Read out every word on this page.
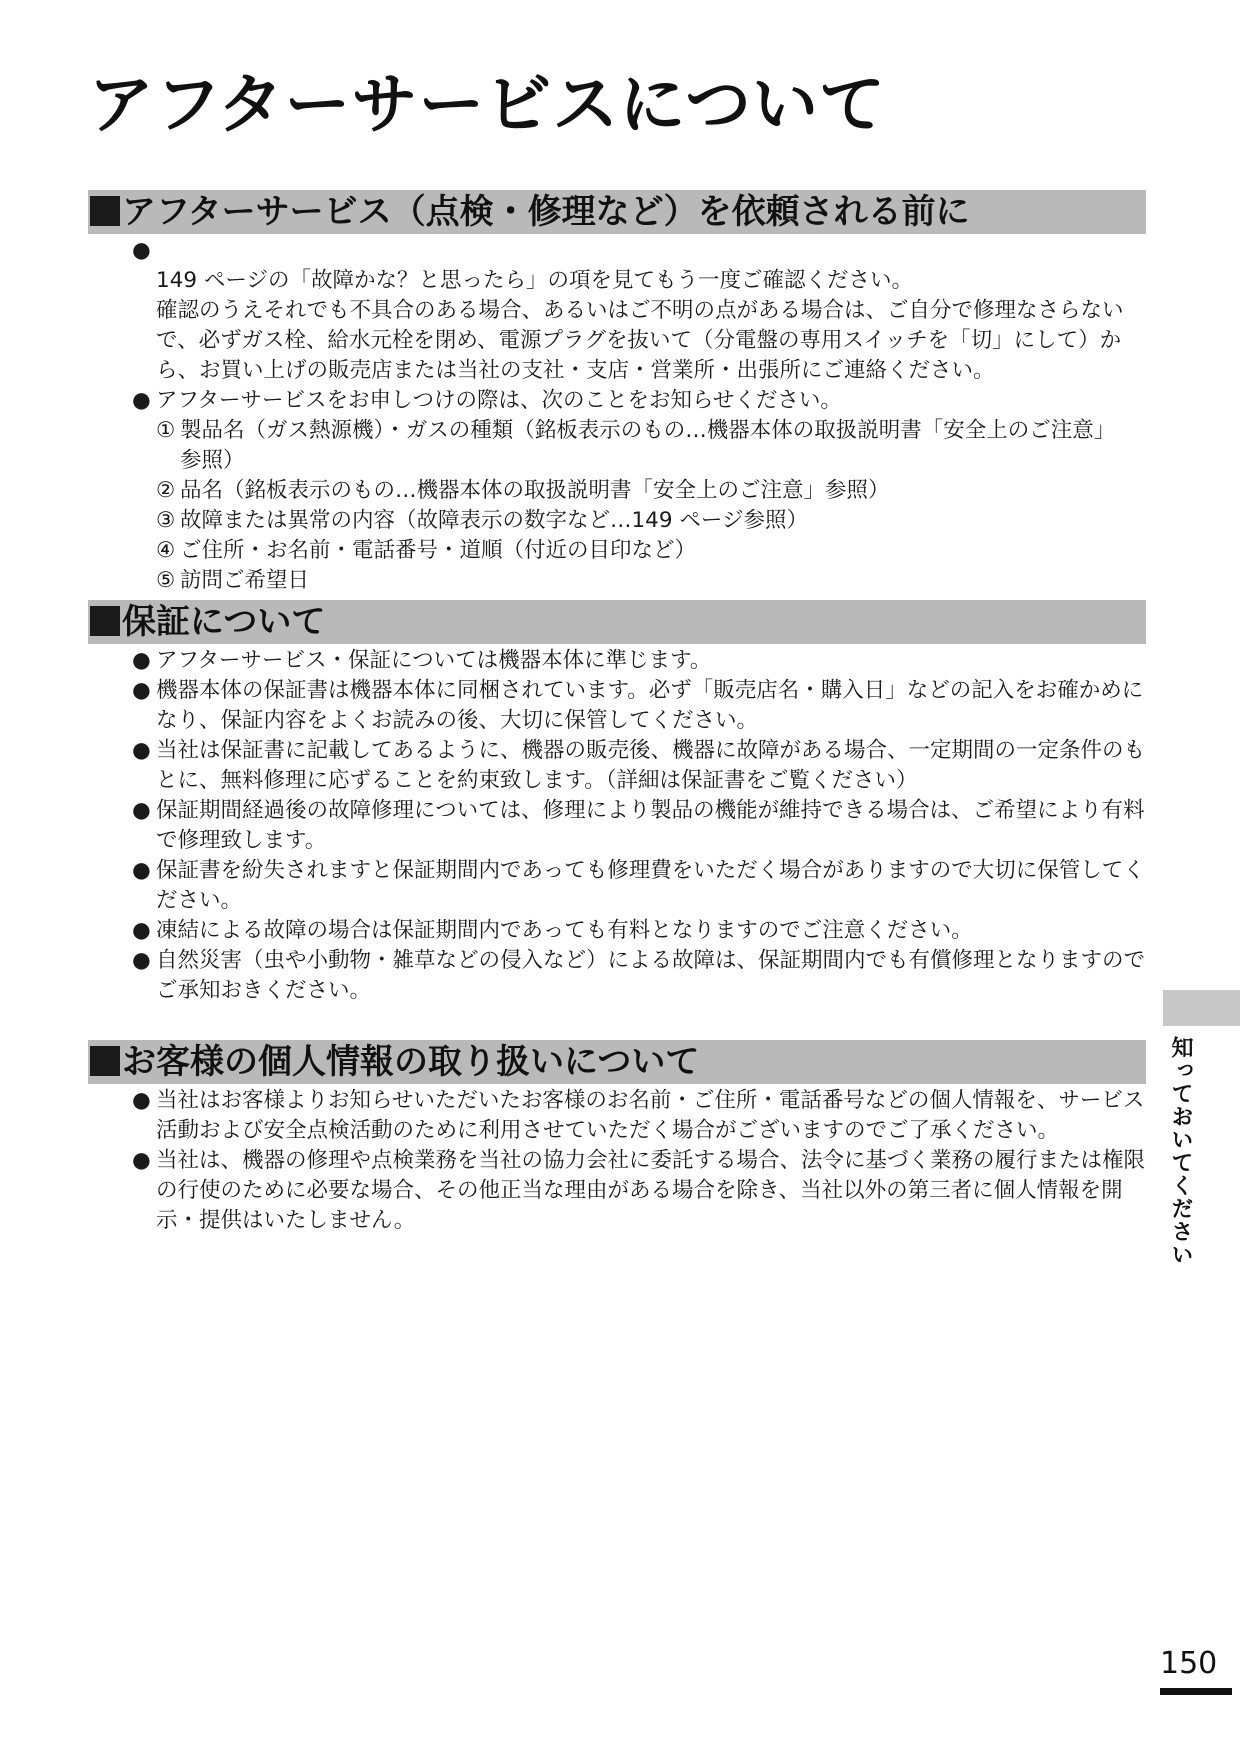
アフターサービスについて
アフターサービス（点検・修理など）を依頼される前に

●
149 ページの「故障かな？と思ったら」の項を見てもう一度ご確認ください。
確認のうえそれでも不具合のある場合、あるいはご不明の点がある場合は、ご自分で修理なさらないで、必ずガス栓、給水元栓を閉め、電源プラグを抜いて（分電盤の専用スイッチを「切」にして）から、お買い上げの販売店または当社の支社・支店・営業所・出張所にご連絡ください。

● アフターサービスをお申しつけの際は、次のことをお知らせください。
① 製品名（ガス熱源機）・ガスの種類（銘板表示のもの…機器本体の取扱説明書「安全上のご注意」
参照）
② 品名（銘板表示のもの…機器本体の取扱説明書「安全上のご注意」参照）
③ 故障または異常の内容（故障表示の数字など…149 ページ参照）
④ ご住所・お名前・電話番号・道順（付近の目印など）
⑤ 訪問ご希望日
保証について
● アフターサービス・保証については機器本体に準じます。
● 機器本体の保証書は機器本体に同梱されています。必ず「販売店名・購入日」などの記入をお確かめになり、保証内容をよくお読みの後、大切に保管してください。
● 当社は保証書に記載してあるように、機器の販売後、機器に故障がある場合、一定期間の一定条件のもとに、無料修理に応ずることを約束致します。（詳細は保証書をご覧ください）
● 保証期間経過後の故障修理については、修理により製品の機能が維持できる場合は、ご希望により有料で修理致します。
● 保証書を紛失されますと保証期間内であっても修理費をいただく場合がありますので大切に保管してください。
● 凍結による故障の場合は保証期間内であっても有料となりますのでご注意ください。
● 自然災害（虫や小動物・雑草などの侵入など）による故障は、保証期間内でも有償修理となりますのでご承知おきください。
お客様の個人情報の取り扱いについて
● 当社はお客様よりお知らせいただいたお客様のお名前・ご住所・電話番号などの個人情報を、サービス活動および安全点検活動のために利用させていただく場合がございますのでご了承ください。
● 当社は、機器の修理や点検業務を当社の協力会社に委託する場合、法令に基づく業務の履行または権限の行使のために必要な場合、その他正当な理由がある場合を除き、当社以外の第三者に個人情報を開示・提供はいたしません。	知っておいてください
150
